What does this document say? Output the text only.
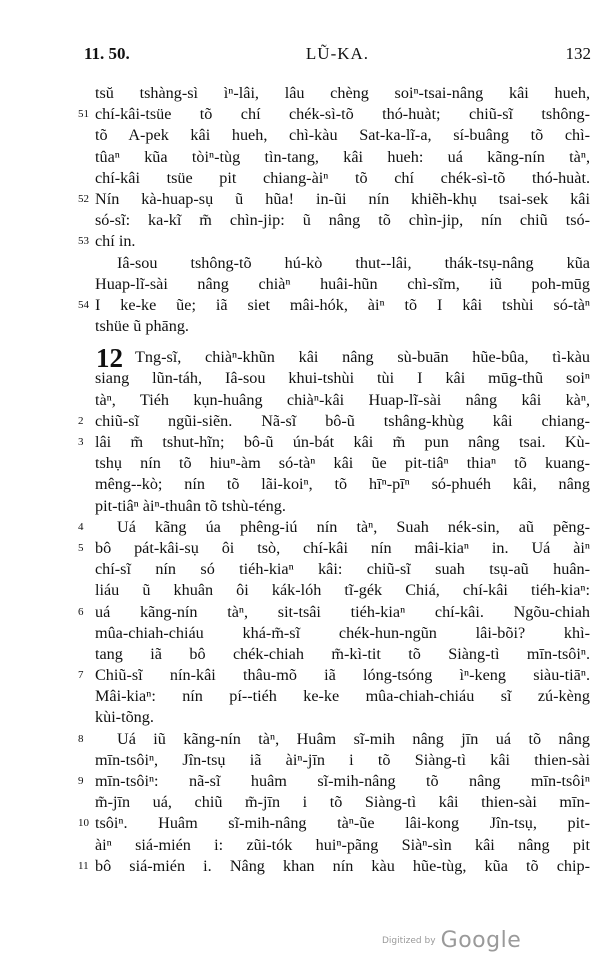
11. 50.	LŨ-KA.	132
tsŭ tshàng-sì ìⁿ-lâi, lâu chèng soiⁿ-tsai-nâng kâi hueh,
51 chí-kâi-tsüe tõ chí chék-sì-tõ thó-huàt; chiũ-sĩ tshông-
tõ A-pek kâi hueh, chì-kàu Sat-ka-lĩ-a, sí-buâng tõ chì-
tûaⁿ kũa tòiⁿ-tùg tìn-tang, kâi hueh: uá kãng-nín tàⁿ,
chí-kâi tsüe pit chiang-àiⁿ tõ chí chék-sì-tõ thó-huàt.
52 Nín kà-huap-sụ ũ hũa! in-ũi nín khiẽh-khụ tsai-sek kâi
só-sĩ: ka-kĩ m̃ chìn-jip: ũ nâng tõ chìn-jip, nín chiũ tsó-
53 chí in.
Iâ-sou tshông-tõ hú-kò thut--lâi, thák-tsụ-nâng kũa
Huap-lĩ-sài nâng chiàⁿ huâi-hũn chì-sĩm, iũ poh-mūg
54 I ke-ke ũe; iã siet mâi-hók, àiⁿ tõ I kâi tshùi só-tàⁿ
tshüe ũ phāng.
12 Tng-sĩ, chiàⁿ-khũn kâi nâng sù-buān hũe-bûa, tì-kàu
siang lũn-táh, Iâ-sou khui-tshùi tùi I kâi mūg-thũ soiⁿ
tàⁿ, Tiéh kụn-huâng chiàⁿ-kâi Huap-lĩ-sài nâng kâi kàⁿ,
2 chiũ-sĩ ngũi-siẽn. Nã-sĩ bô-ũ tshâng-khùg kâi chiang-
3 lâi m̃ tshut-hĩn; bô-ũ ún-bát kâi m̃ pun nâng tsai. Kù-
tshụ nín tõ hiuⁿ-àm só-tàⁿ kâi ũe pit-tiâⁿ thiaⁿ tõ kuang-
mêng--kò; nín tõ lãi-koiⁿ, tõ hīⁿ-pīⁿ só-phuéh kâi, nâng
pit-tiâⁿ àiⁿ-thuân tõ tshù-téng.
4	Uá kãng úa phêng-iú nín tàⁿ, Suah nék-sin, aũ pẽng-
5 bô pát-kâi-sụ ôi tsò, chí-kâi nín mâi-kiaⁿ in. Uá àiⁿ
chí-sĩ nín só tiéh-kiaⁿ kâi: chiũ-sĩ suah tsụ-aũ huân-
liáu ũ khuân ôi kák-lóh tĩ-gék Chiá, chí-kâi tiéh-kiaⁿ:
6 uá kãng-nín tàⁿ, sit-tsâi tiéh-kiaⁿ chí-kâi. Ngõu-chiah
mûa-chiah-chiáu khá-m̃-sĩ chék-hun-ngũn lâi-bõi? khì-
tang iã bô chék-chiah m̃-kì-tit tõ Siàng-tì mīn-tsôiⁿ.
7 Chiũ-sĩ nín-kâi thâu-mõ iã lóng-tsóng ìⁿ-keng siàu-tiāⁿ.
Mâi-kiaⁿ: nín pí--tiéh ke-ke mûa-chiah-chiáu sĩ zú-kèng
kùi-tõng.
8	Uá iũ kãng-nín tàⁿ, Huâm sĩ-mih nâng jīn uá tõ nâng
mīn-tsôiⁿ, Jîn-tsụ iã àiⁿ-jīn i tõ Siàng-tì kâi thien-sài
9 mīn-tsôiⁿ: nã-sĩ huâm sĩ-mih-nâng tõ nâng mīn-tsôiⁿ
m̃-jīn uá, chiũ m̃-jīn i tõ Siàng-tì kâi thien-sài mīn-
10 tsôiⁿ. Huâm sĩ-mih-nâng tàⁿ-ũe lâi-kong Jîn-tsụ, pit-
àiⁿ siá-mién i: zũi-tók huiⁿ-pãng Siàⁿ-sìn kâi nâng pit
11 bô siá-mién i. Nâng khan nín kàu hũe-tùg, kũa tõ chip-
$^{Digitized by}$ Google
